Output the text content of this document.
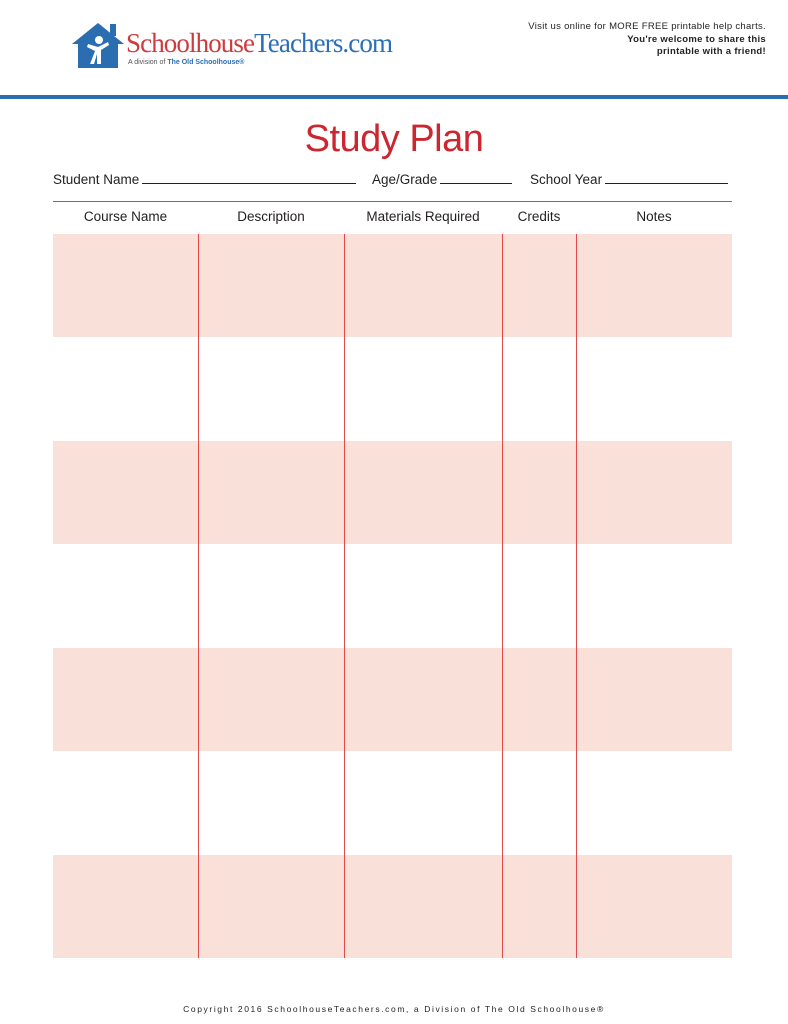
SchoolhouseTeachers.com
A division of The Old Schoolhouse®
Visit us online for MORE FREE printable help charts.
You're welcome to share this
printable with a friend!
Study Plan
Student Name	Age/Grade	School Year
Course Name	Description	Materials Required	Credits	Notes
Copyright 2016 SchoolhouseTeachers.com, a Division of The Old Schoolhouse®
